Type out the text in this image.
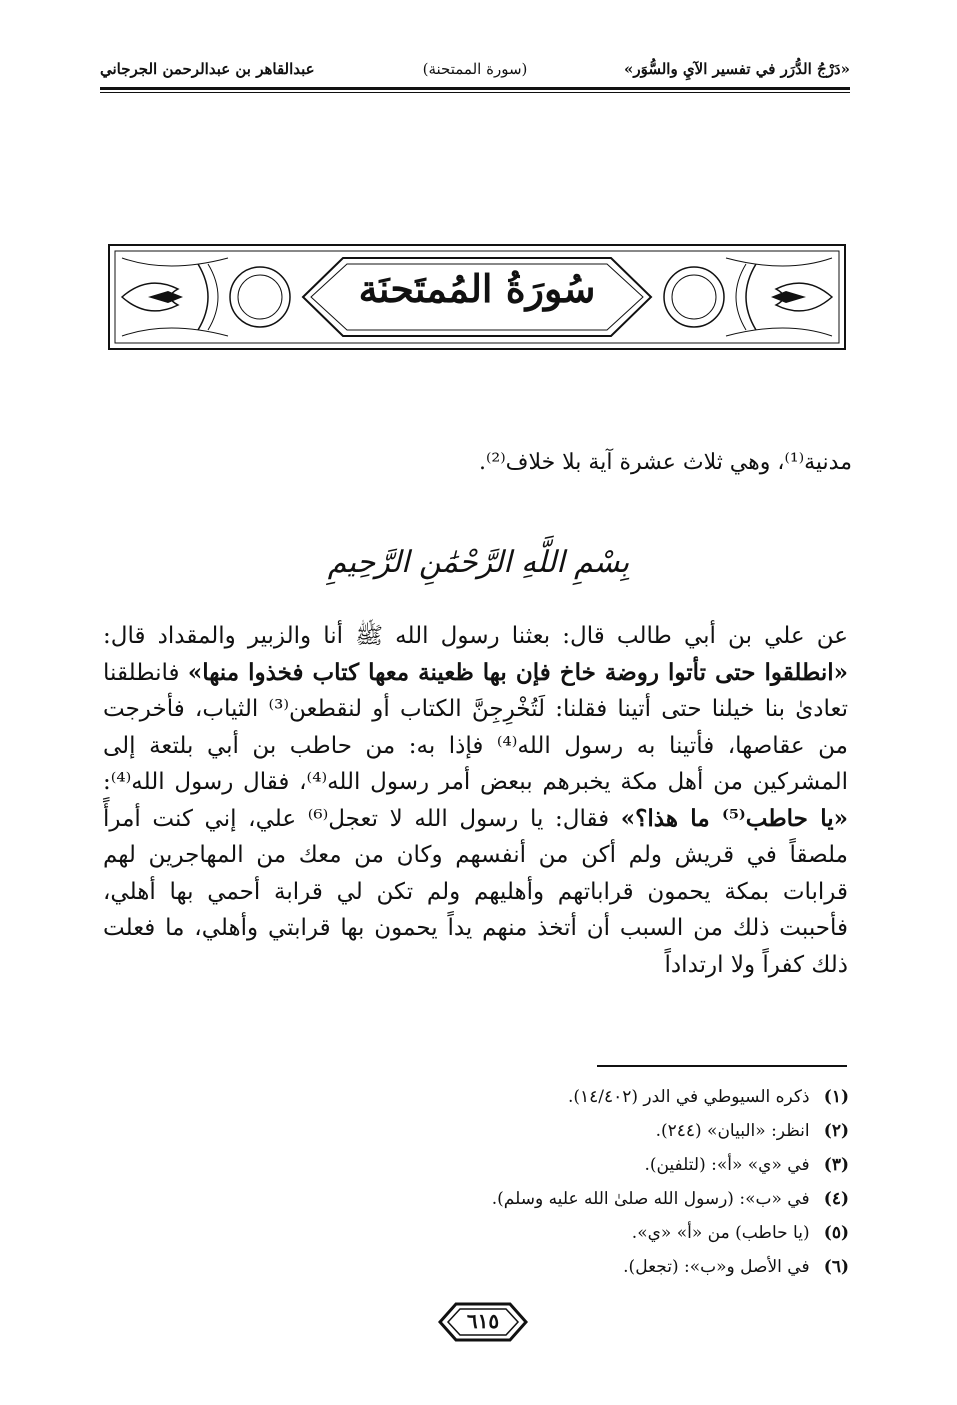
«دَرْجُ الدُّرَر في تفسير الآيِ والسُّوَر»
(سورة الممتحنة)
عبدالقاهر بن عبدالرحمن الجرجاني
سُورَةُ المُمتَحنَة
مدنية⁽¹⁾، وهي ثلاث عشرة آية بلا خلاف⁽²⁾.
بِسْمِ اللَّهِ الرَّحْمَٰنِ الرَّحِيمِ
عن علي بن أبي طالب قال: بعثنا رسول الله ﷺ أنا والزبير والمقداد قال: «انطلقوا حتى تأتوا روضة خاخ فإن بها ظعينة معها كتاب فخذوا منها» فانطلقنا تعادىٰ بنا خيلنا حتى أتينا فقلنا: لَتُخْرِجِنَّ الكتاب أو لنقطعن⁽³⁾ الثياب، فأخرجت من عقاصها، فأتينا به رسول الله⁽⁴⁾ فإذا به: من حاطب بن أبي بلتعة إلى المشركين من أهل مكة يخبرهم ببعض أمر رسول الله⁽⁴⁾، فقال رسول الله⁽⁴⁾: «يا حاطب⁽⁵⁾ ما هذا؟» فقال: يا رسول الله لا تعجل⁽⁶⁾ علي، إني كنت أمرأً ملصقاً في قريش ولم أكن من أنفسهم وكان من معك من المهاجرين لهم قرابات بمكة يحمون قراباتهم وأهليهم ولم تكن لي قرابة أحمي بها أهلي، فأحببت ذلك من السبب أن أتخذ منهم يداً يحمون بها قرابتي وأهلي، ما فعلت ذلك كفراً ولا ارتداداً
(١) ذكره السيوطي في الدر (١٤/٤٠٢).
(٢) انظر: «البيان» (٢٤٤).
(٣) في «ي» «أ»: (لتلفين).
(٤) في «ب»: (رسول الله صلىٰ الله عليه وسلم).
(٥) (يا حاطب) من «أ» «ي».
(٦) في الأصل و«ب»: (تجعل).
٦١٥
